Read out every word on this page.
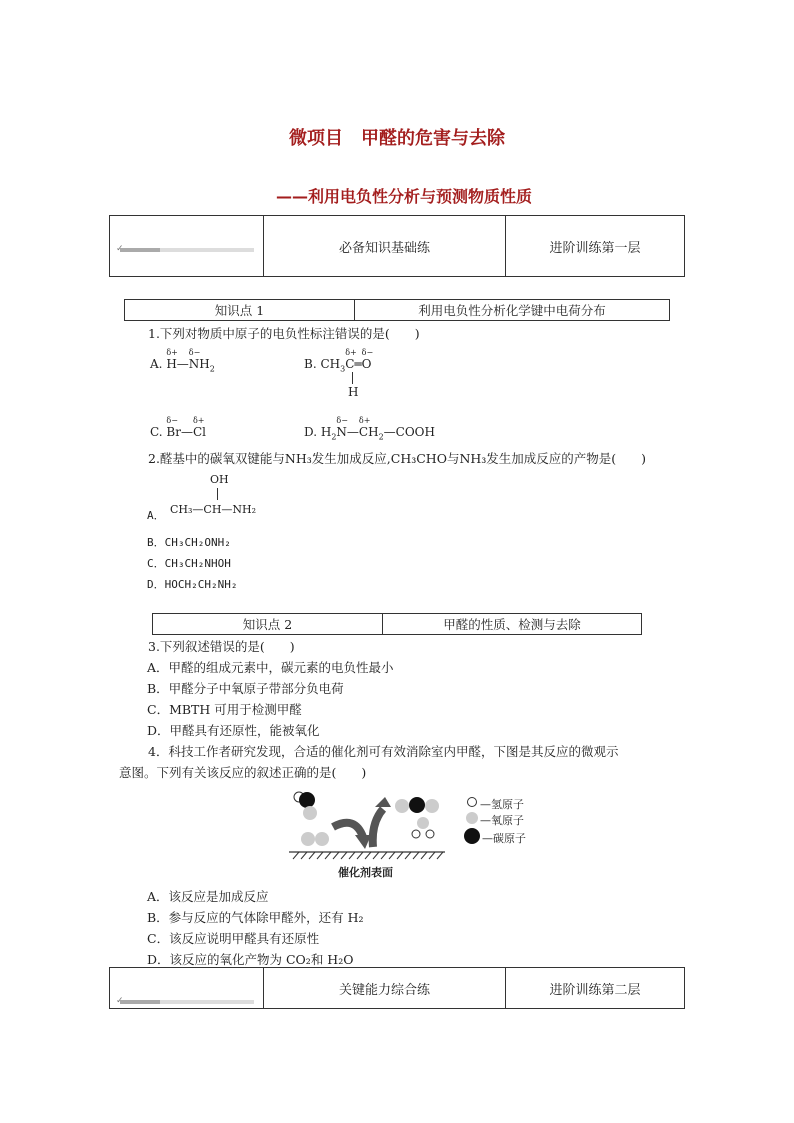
微项目　甲醛的危害与去除
——利用电负性分析与预测物质性质
✓	必备知识基础练	进阶训练第一层
知识点 1	利用电负性分析化学键中电荷分布
1.下列对物质中原子的电负性标注错误的是(　　)
A.
δ+
H—
δ−
$NH_2$	B. $CH_3$
δ+
C═
δ−
O
H
C.
δ−
Br—
δ+
Cl	D. $H_2$
δ−
N—
δ+
$CH_2—COOH$
2.醛基中的碳氧双键能与NH₃发生加成反应,CH₃CHO与NH₃发生加成反应的产物是(　　)
OH
A． CH₃—CH—NH₂
B．CH₃CH₂ONH₂
C．CH₃CH₂NHOH
D．HOCH₂CH₂NH₂
知识点 2	甲醛的性质、检测与去除
3.下列叙述错误的是(　　)
A．甲醛的组成元素中，碳元素的电负性最小
B．甲醛分子中氧原子带部分负电荷
C．MBTH 可用于检测甲醛
D．甲醛具有还原性，能被氧化
4．科技工作者研究发现，合适的催化剂可有效消除室内甲醛，下图是其反应的微观示
意图。下列有关该反应的叙述正确的是(　　)
—氢原子
—氧原子
—碳原子
催化剂表面
A．该反应是加成反应
B．参与反应的气体除甲醛外，还有 H₂
C．该反应说明甲醛具有还原性
D．该反应的氧化产物为 CO₂和 H₂O
✓
关键能力综合练	进阶训练第二层
